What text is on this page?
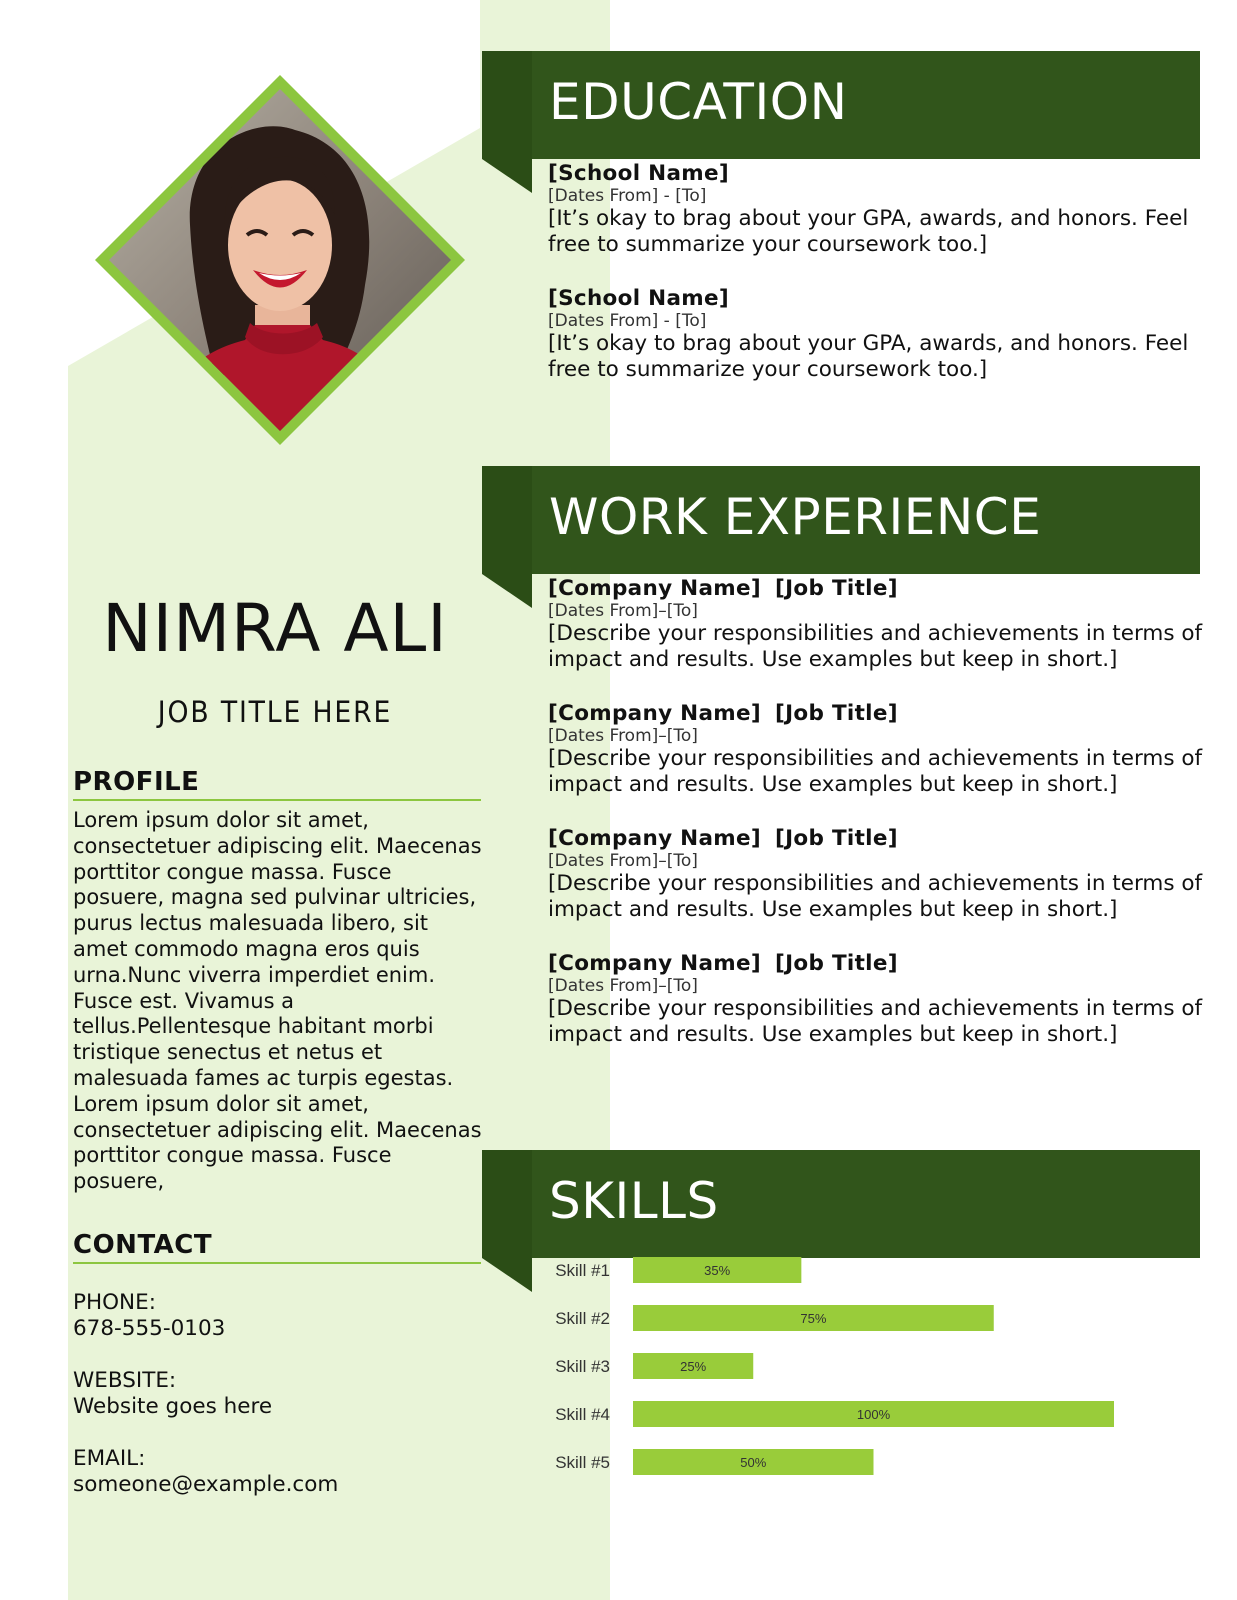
NIMRA ALI
JOB TITLE HERE
PROFILE
Lorem ipsum dolor sit amet, consectetuer adipiscing elit. Maecenas porttitor congue massa. Fusce posuere, magna sed pulvinar ultricies, purus lectus malesuada libero, sit amet commodo magna eros quis urna.Nunc viverra imperdiet enim. Fusce est. Vivamus a tellus.Pellentesque habitant morbi tristique senectus et netus et malesuada fames ac turpis egestas. Lorem ipsum dolor sit amet, consectetuer adipiscing elit. Maecenas porttitor congue massa. Fusce posuere,
CONTACT
PHONE:
678-555-0103
WEBSITE:
Website goes here
EMAIL:
someone@example.com
EDUCATION
[School Name]
[Dates From] - [To]
[It’s okay to brag about your GPA, awards, and honors. Feel free to summarize your coursework too.]
[School Name]
[Dates From] - [To]
[It’s okay to brag about your GPA, awards, and honors. Feel free to summarize your coursework too.]
WORK EXPERIENCE
[Company Name] [Job Title]
[Dates From]–[To]
[Describe your responsibilities and achievements in terms of impact and results. Use examples but keep in short.]
[Company Name] [Job Title]
[Dates From]–[To]
[Describe your responsibilities and achievements in terms of impact and results. Use examples but keep in short.]
[Company Name] [Job Title]
[Dates From]–[To]
[Describe your responsibilities and achievements in terms of impact and results. Use examples but keep in short.]
[Company Name] [Job Title]
[Dates From]–[To]
[Describe your responsibilities and achievements in terms of impact and results. Use examples but keep in short.]
SKILLS
Skill #1	35%
Skill #2	75%
Skill #3	25%
Skill #4	100%
Skill #5	50%
